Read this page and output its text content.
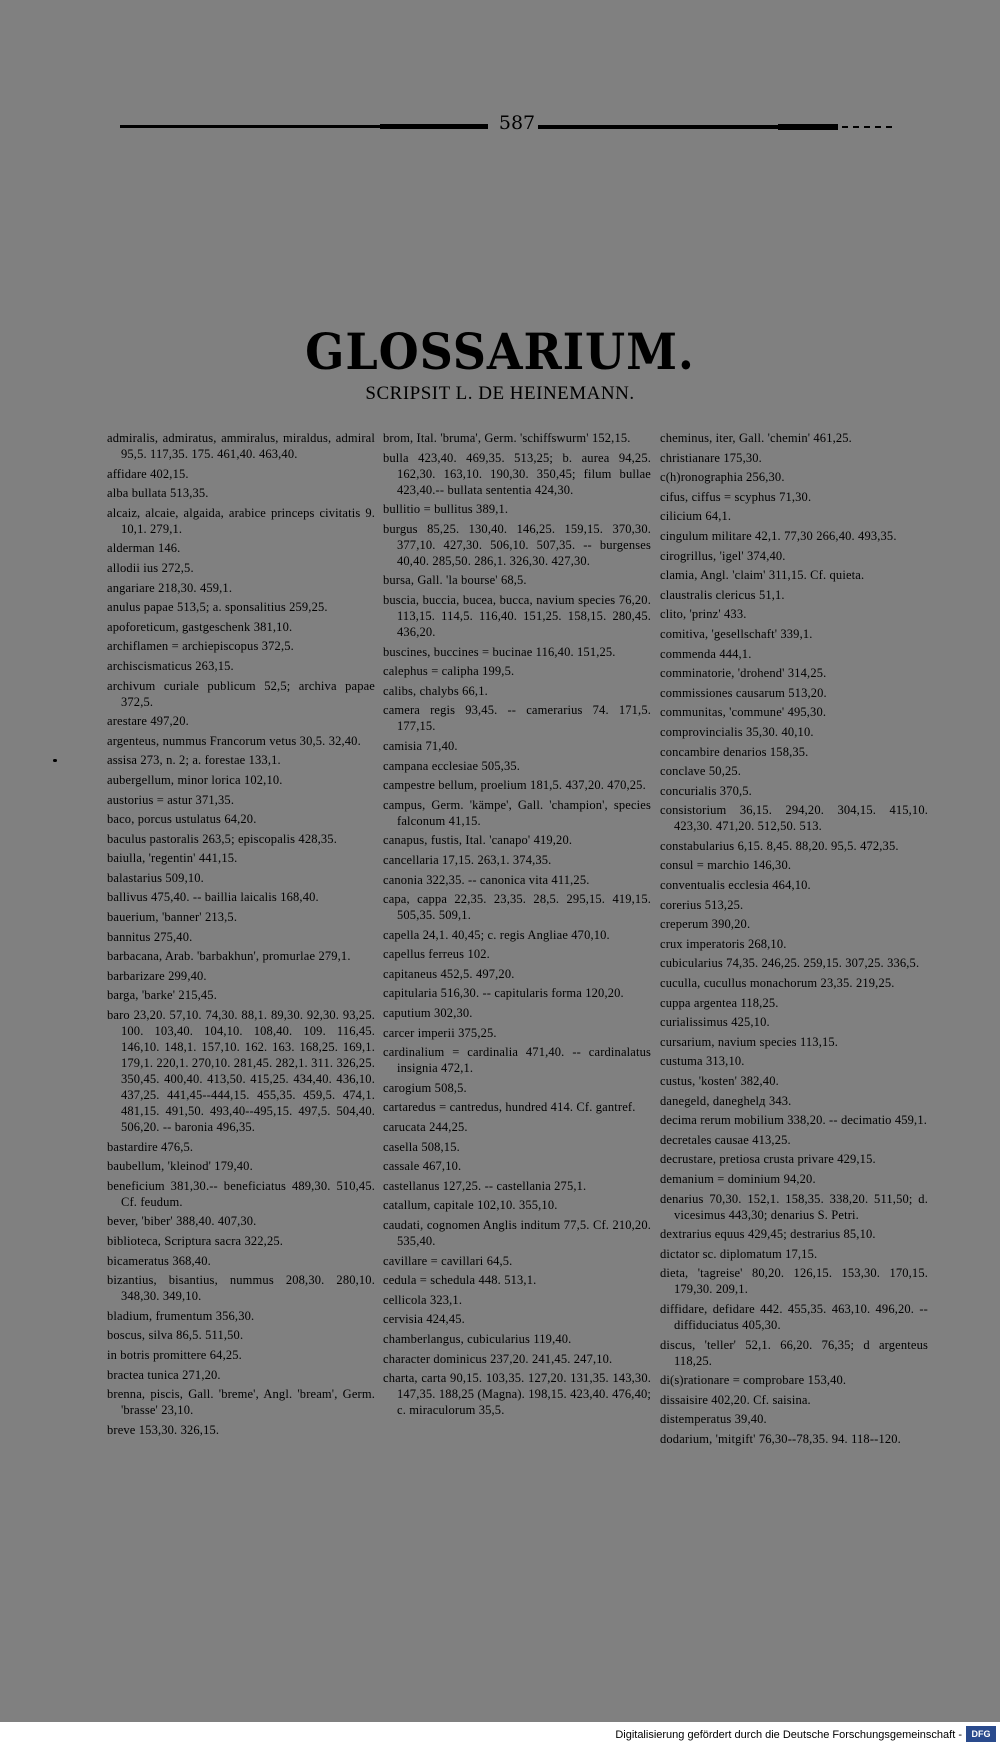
587
GLOSSARIUM.
SCRIPSIT L. DE HEINEMANN.
admiralis, admiratus, ammiralus, miraldus, admiral 95,5. 117,35. 175. 461,40. 463,40.
affidare 402,15.
alba bullata 513,35.
alcaiz, alcaie, algaida, arabice princeps civitatis 9. 10,1. 279,1.
alderman 146.
allodii ius 272,5.
angariare 218,30. 459,1.
anulus papae 513,5; a. sponsalitius 259,25.
apoforeticum, gastgeschenk 381,10.
archiflamen = archiepiscopus 372,5.
archiscismaticus 263,15.
archivum curiale publicum 52,5; archiva papae 372,5.
arestare 497,20.
argenteus, nummus Francorum vetus 30,5. 32,40.
assisa 273, n. 2; a. forestae 133,1.
aubergellum, minor lorica 102,10.
austorius = astur 371,35.
baco, porcus ustulatus 64,20.
baculus pastoralis 263,5; episcopalis 428,35.
baiulla, 'regentin' 441,15.
balastarius 509,10.
ballivus 475,40. -- baillia laicalis 168,40.
bauerium, 'banner' 213,5.
bannitus 275,40.
barbacana, Arab. 'barbakhun', promurlae 279,1.
barbarizare 299,40.
barga, 'barke' 215,45.
baro 23,20. 57,10. 74,30. 88,1. 89,30. 92,30. 93,25. 100. 103,40. 104,10. 108,40. 109. 116,45. 146,10. 148,1. 157,10. 162. 163. 168,25. 169,1. 179,1. 220,1. 270,10. 281,45. 282,1. 311. 326,25. 350,45. 400,40. 413,50. 415,25. 434,40. 436,10. 437,25. 441,45--444,15. 455,35. 459,5. 474,1. 481,15. 491,50. 493,40--495,15. 497,5. 504,40. 506,20. -- baronia 496,35.
bastardire 476,5.
baubellum, 'kleinod' 179,40.
beneficium 381,30.-- beneficiatus 489,30. 510,45. Cf. feudum.
bever, 'biber' 388,40. 407,30.
biblioteca, Scriptura sacra 322,25.
bicameratus 368,40.
bizantius, bisantius, nummus 208,30. 280,10. 348,30. 349,10.
bladium, frumentum 356,30.
boscus, silva 86,5. 511,50.
in botris promittere 64,25.
bractea tunica 271,20.
brenna, piscis, Gall. 'breme', Angl. 'bream', Germ. 'brasse' 23,10.
breve 153,30. 326,15.
brom, Ital. 'bruma', Germ. 'schiffswurm' 152,15.
bulla 423,40. 469,35. 513,25; b. aurea 94,25. 162,30. 163,10. 190,30. 350,45; filum bullae 423,40.-- bullata sententia 424,30.
bullitio = bullitus 389,1.
burgus 85,25. 130,40. 146,25. 159,15. 370,30. 377,10. 427,30. 506,10. 507,35. -- burgenses 40,40. 285,50. 286,1. 326,30. 427,30.
bursa, Gall. 'la bourse' 68,5.
buscia, buccia, bucea, bucca, navium species 76,20. 113,15. 114,5. 116,40. 151,25. 158,15. 280,45. 436,20.
buscines, buccines = bucinae 116,40. 151,25.
calephus = calipha 199,5.
calibs, chalybs 66,1.
camera regis 93,45. -- camerarius 74. 171,5. 177,15.
camisia 71,40.
campana ecclesiae 505,35.
campestre bellum, proelium 181,5. 437,20. 470,25.
campus, Germ. 'kämpe', Gall. 'champion', species falconum 41,15.
canapus, fustis, Ital. 'canapo' 419,20.
cancellaria 17,15. 263,1. 374,35.
canonia 322,35. -- canonica vita 411,25.
capa, cappa 22,35. 23,35. 28,5. 295,15. 419,15. 505,35. 509,1.
capella 24,1. 40,45; c. regis Angliae 470,10.
capellus ferreus 102.
capitaneus 452,5. 497,20.
capitularia 516,30. -- capitularis forma 120,20.
caputium 302,30.
carcer imperii 375,25.
cardinalium = cardinalia 471,40. -- cardinalatus insignia 472,1.
carogium 508,5.
cartaredus = cantredus, hundred 414. Cf. gantref.
carucata 244,25.
casella 508,15.
cassale 467,10.
castellanus 127,25. -- castellania 275,1.
catallum, capitale 102,10. 355,10.
caudati, cognomen Anglis inditum 77,5. Cf. 210,20. 535,40.
cavillare = cavillari 64,5.
cedula = schedula 448. 513,1.
cellicola 323,1.
cervisia 424,45.
chamberlangus, cubicularius 119,40.
character dominicus 237,20. 241,45. 247,10.
charta, carta 90,15. 103,35. 127,20. 131,35. 143,30. 147,35. 188,25 (Magna). 198,15. 423,40. 476,40; c. miraculorum 35,5.
cheminus, iter, Gall. 'chemin' 461,25.
christianare 175,30.
c(h)ronographia 256,30.
cifus, ciffus = scyphus 71,30.
cilicium 64,1.
cingulum militare 42,1. 77,30 266,40. 493,35.
cirogrillus, 'igel' 374,40.
clamia, Angl. 'claim' 311,15. Cf. quieta.
claustralis clericus 51,1.
clito, 'prinz' 433.
comitiva, 'gesellschaft' 339,1.
commenda 444,1.
comminatorie, 'drohend' 314,25.
commissiones causarum 513,20.
communitas, 'commune' 495,30.
comprovincialis 35,30. 40,10.
concambire denarios 158,35.
conclave 50,25.
concurialis 370,5.
consistorium 36,15. 294,20. 304,15. 415,10. 423,30. 471,20. 512,50. 513.
constabularius 6,15. 8,45. 88,20. 95,5. 472,35.
consul = marchio 146,30.
conventualis ecclesia 464,10.
corerius 513,25.
creperum 390,20.
crux imperatoris 268,10.
cubicularius 74,35. 246,25. 259,15. 307,25. 336,5.
cuculla, cucullus monachorum 23,35. 219,25.
cuppa argentea 118,25.
curialissimus 425,10.
cursarium, navium species 113,15.
custuma 313,10.
custus, 'kosten' 382,40.
danegeld, daneghelд 343.
decima rerum mobilium 338,20. -- decimatio 459,1.
decretales causae 413,25.
decrustare, pretiosa crusta privare 429,15.
demanium = dominium 94,20.
denarius 70,30. 152,1. 158,35. 338,20. 511,50; d. vicesimus 443,30; denarius S. Petri.
dextrarius equus 429,45; destrarius 85,10.
dictator sc. diplomatum 17,15.
dieta, 'tagreise' 80,20. 126,15. 153,30. 170,15. 179,30. 209,1.
diffidare, defidare 442. 455,35. 463,10. 496,20. -- diffiduciatus 405,30.
discus, 'teller' 52,1. 66,20. 76,35; d argenteus 118,25.
di(s)rationare = comprobare 153,40.
dissaisire 402,20. Cf. saisina.
distemperatus 39,40.
dodarium, 'mitgift' 76,30--78,35. 94. 118--120.
Digitalisierung gefördert durch die Deutsche Forschungsgemeinschaft -	DFG
